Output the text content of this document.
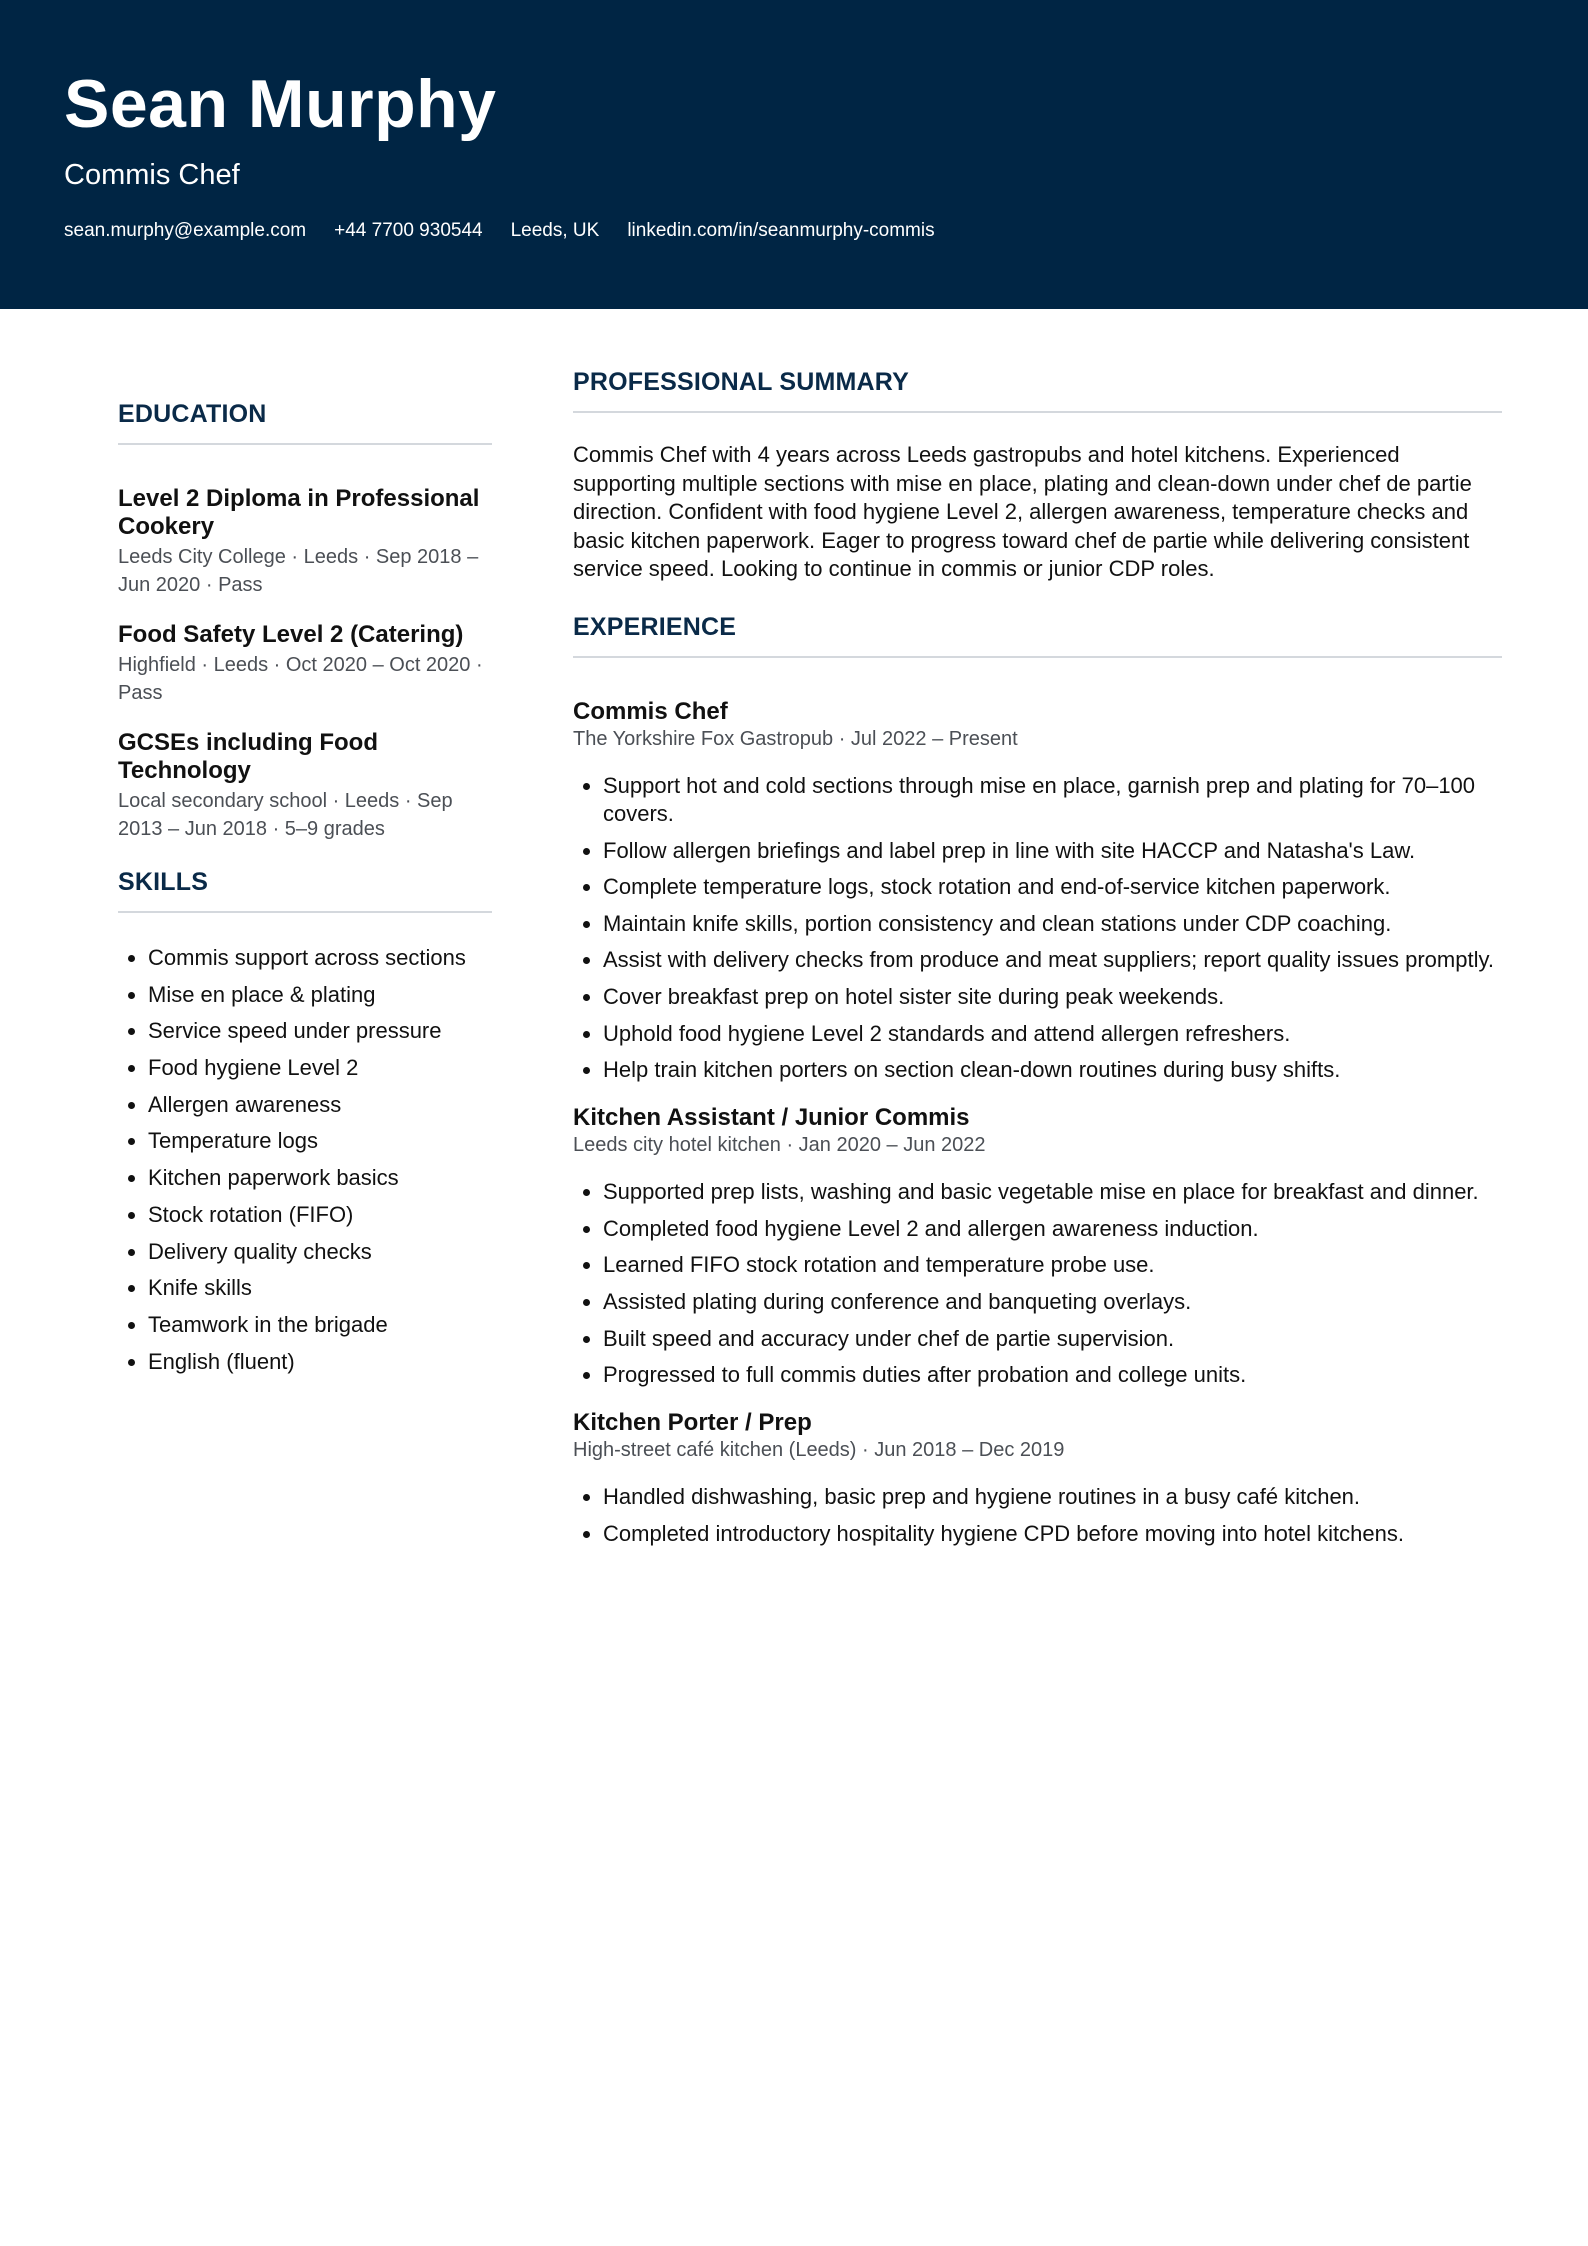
Sean Murphy
Commis Chef
sean.murphy@example.com +44 7700 930544 Leeds, UK linkedin.com/in/seanmurphy-commis
EDUCATION
Level 2 Diploma in Professional Cookery
Leeds City College · Leeds · Sep 2018 – Jun 2020 · Pass
Food Safety Level 2 (Catering)
Highfield · Leeds · Oct 2020 – Oct 2020 · Pass
GCSEs including Food Technology
Local secondary school · Leeds · Sep 2013 – Jun 2018 · 5–9 grades
SKILLS
• Commis support across sections
• Mise en place & plating
• Service speed under pressure
• Food hygiene Level 2
• Allergen awareness
• Temperature logs
• Kitchen paperwork basics
• Stock rotation (FIFO)
• Delivery quality checks
• Knife skills
• Teamwork in the brigade
• English (fluent)
PROFESSIONAL SUMMARY
Commis Chef with 4 years across Leeds gastropubs and hotel kitchens. Experienced supporting multiple sections with mise en place, plating and clean-down under chef de partie direction. Confident with food hygiene Level 2, allergen awareness, temperature checks and basic kitchen paperwork. Eager to progress toward chef de partie while delivering consistent service speed. Looking to continue in commis or junior CDP roles.
EXPERIENCE
Commis Chef
The Yorkshire Fox Gastropub · Jul 2022 – Present
• Support hot and cold sections through mise en place, garnish prep and plating for 70–100 covers.
• Follow allergen briefings and label prep in line with site HACCP and Natasha's Law.
• Complete temperature logs, stock rotation and end-of-service kitchen paperwork.
• Maintain knife skills, portion consistency and clean stations under CDP coaching.
• Assist with delivery checks from produce and meat suppliers; report quality issues promptly.
• Cover breakfast prep on hotel sister site during peak weekends.
• Uphold food hygiene Level 2 standards and attend allergen refreshers.
• Help train kitchen porters on section clean-down routines during busy shifts.
Kitchen Assistant / Junior Commis
Leeds city hotel kitchen · Jan 2020 – Jun 2022
• Supported prep lists, washing and basic vegetable mise en place for breakfast and dinner.
• Completed food hygiene Level 2 and allergen awareness induction.
• Learned FIFO stock rotation and temperature probe use.
• Assisted plating during conference and banqueting overlays.
• Built speed and accuracy under chef de partie supervision.
• Progressed to full commis duties after probation and college units.
Kitchen Porter / Prep
High-street café kitchen (Leeds) · Jun 2018 – Dec 2019
• Handled dishwashing, basic prep and hygiene routines in a busy café kitchen.
• Completed introductory hospitality hygiene CPD before moving into hotel kitchens.
